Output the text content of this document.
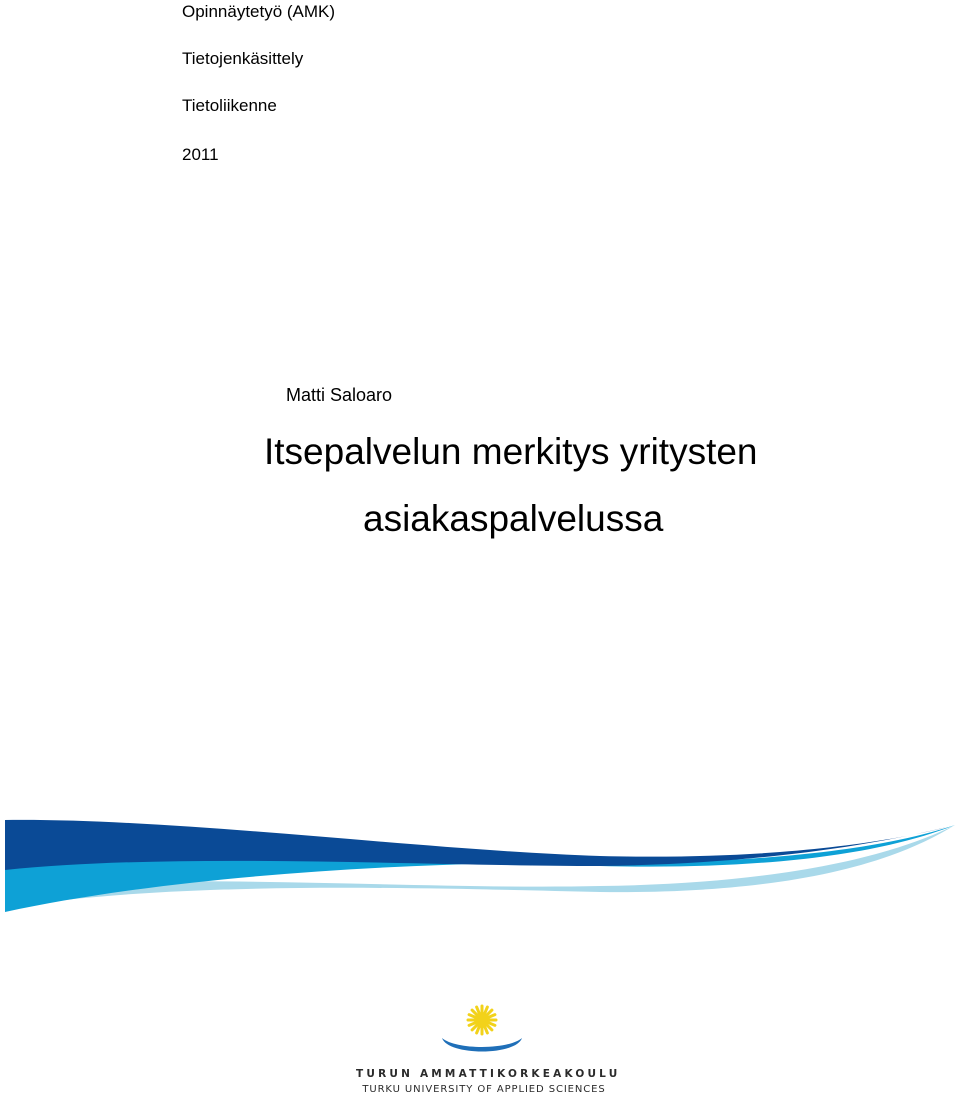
Opinnäytetyö (AMK)
Tietojenkäsittely
Tietoliikenne
2011
Matti Saloaro
Itsepalvelun merkitys yritysten
asiakaspalvelussa
TURUN AMMATTIKORKEAKOULU
TURKU UNIVERSITY OF APPLIED SCIENCES
